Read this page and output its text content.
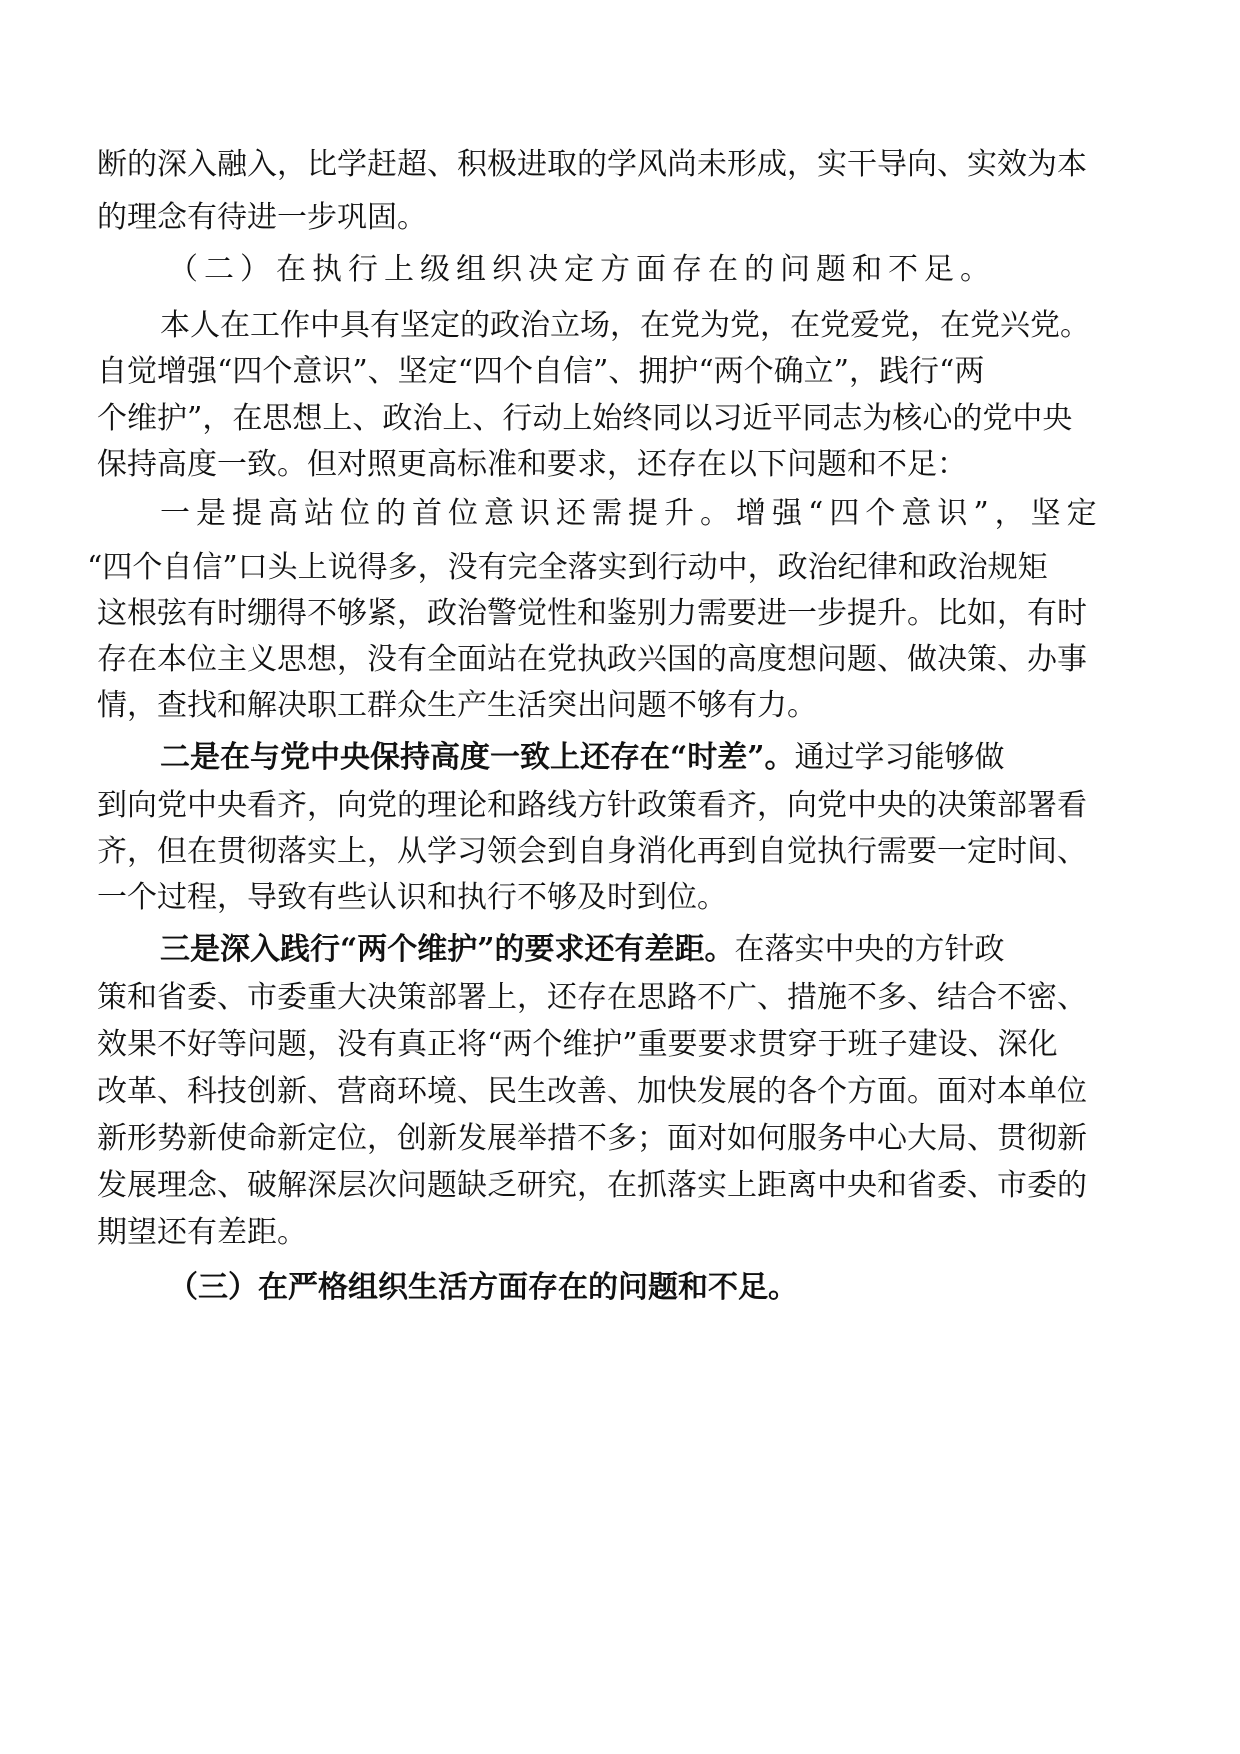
断的深入融入，比学赶超、积极进取的学风尚未形成，实干导向、实效为本
的理念有待进一步巩固。
（二）在执行上级组织决定方面存在的问题和不足。
本人在工作中具有坚定的政治立场，在党为党，在党爱党，在党兴党。
自觉增强“四个意识”、坚定“四个自信”、拥护“两个确立”，践行“两
个维护”，在思想上、政治上、行动上始终同以习近平同志为核心的党中央
保持高度一致。但对照更高标准和要求，还存在以下问题和不足：
一是提高站位的首位意识还需提升。增强“四个意识”，坚定
“四个自信”口头上说得多，没有完全落实到行动中，政治纪律和政治规矩
这根弦有时绷得不够紧，政治警觉性和鉴别力需要进一步提升。比如，有时
存在本位主义思想，没有全面站在党执政兴国的高度想问题、做决策、办事
情，查找和解决职工群众生产生活突出问题不够有力。
二是在与党中央保持高度一致上还存在“时差”。通过学习能够做
到向党中央看齐，向党的理论和路线方针政策看齐，向党中央的决策部署看
齐，但在贯彻落实上，从学习领会到自身消化再到自觉执行需要一定时间、
一个过程，导致有些认识和执行不够及时到位。
三是深入践行“两个维护”的要求还有差距。在落实中央的方针政
策和省委、市委重大决策部署上，还存在思路不广、措施不多、结合不密、
效果不好等问题，没有真正将“两个维护”重要要求贯穿于班子建设、深化
改革、科技创新、营商环境、民生改善、加快发展的各个方面。面对本单位
新形势新使命新定位，创新发展举措不多；面对如何服务中心大局、贯彻新
发展理念、破解深层次问题缺乏研究，在抓落实上距离中央和省委、市委的
期望还有差距。
（三）在严格组织生活方面存在的问题和不足。
